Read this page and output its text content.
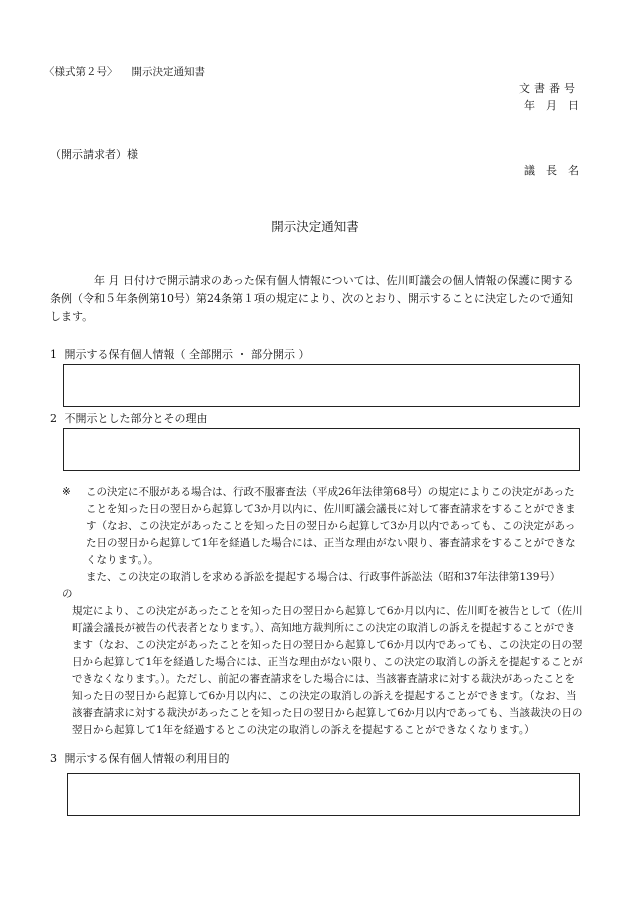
〈様式第２号〉 開示決定通知書
文書番号
年　月　日
（開示請求者）様
議　長　名
開示決定通知書
年 月 日付けで開示請求のあった保有個人情報については、佐川町議会の個人情報の保護に関する条例（令和５年条例第10号）第24条第１項の規定により、次のとおり、開示することに決定したので通知します。
1 開示する保有個人情報（ 全部開示 ・ 部分開示 ）
2 不開示とした部分とその理由
※	この決定に不服がある場合は、行政不服審査法（平成26年法律第68号）の規定によりこの決定があったことを知った日の翌日から起算して3か月以内に、佐川町議会議長に対して審査請求をすることができます（なお、この決定があったことを知った日の翌日から起算して3か月以内であっても、この決定があった日の翌日から起算して1年を経過した場合には、正当な理由がない限り、審査請求をすることができなくなります。）。

また、この決定の取消しを求める訴訟を提起する場合は、行政事件訴訟法（昭和37年法律第139号）

の

規定により、この決定があったことを知った日の翌日から起算して6か月以内に、佐川町を被告として（佐川町議会議長が被告の代表者となります。）、高知地方裁判所にこの決定の取消しの訴えを提起することができます（なお、この決定があったことを知った日の翌日から起算して6か月以内であっても、この決定の日の翌日から起算して1年を経過した場合には、正当な理由がない限り、この決定の取消しの訴えを提起することができなくなります。）。ただし、前記の審査請求をした場合には、当該審査請求に対する裁決があったことを知った日の翌日から起算して6か月以内に、この決定の取消しの訴えを提起することができます。（なお、当該審査請求に対する裁決があったことを知った日の翌日から起算して6か月以内であっても、当該裁決の日の翌日から起算して1年を経過するとこの決定の取消しの訴えを提起することができなくなります。）

3 開示する保有個人情報の利用目的
